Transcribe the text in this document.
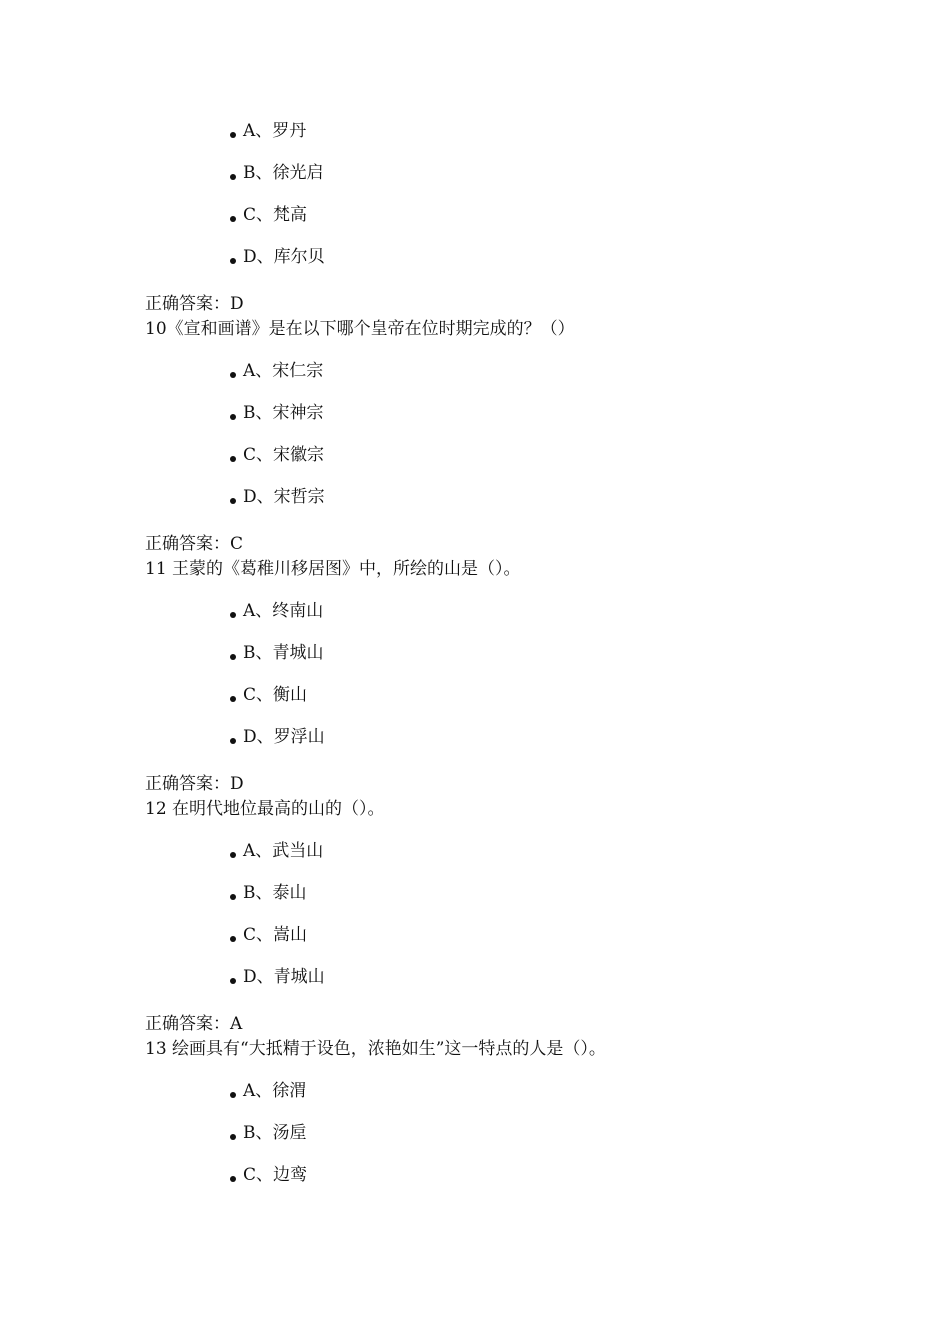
A、罗丹
B、徐光启
C、梵高
D、库尔贝
正确答案：D
10《宣和画谱》是在以下哪个皇帝在位时期完成的？（）
A、宋仁宗
B、宋神宗
C、宋徽宗
D、宋哲宗
正确答案：C
11 王蒙的《葛稚川移居图》中，所绘的山是（）。
A、终南山
B、青城山
C、衡山
D、罗浮山
正确答案：D
12 在明代地位最高的山的（）。
A、武当山
B、泰山
C、嵩山
D、青城山
正确答案：A
13 绘画具有“大抵精于设色，浓艳如生”这一特点的人是（）。
A、徐渭
B、汤垕
C、边鸾
